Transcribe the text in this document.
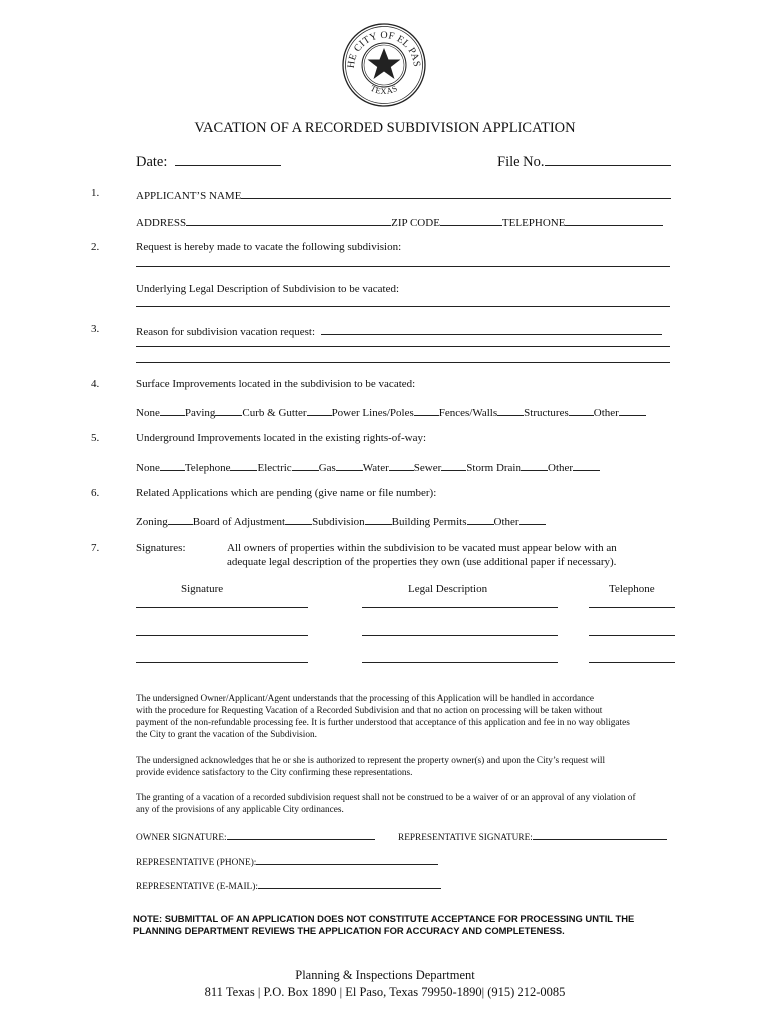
HE CITY OF EL PAS
TEXAS
VACATION OF A RECORDED SUBDIVISION APPLICATION
Date:	File No.
1.
2.
3.
4.
5.
6.
7.
APPLICANT’S NAME
ADDRESS	ZIP CODE	TELEPHONE
Request is hereby made to vacate the following subdivision:
Underlying Legal Description of Subdivision to be vacated:
Reason for subdivision vacation request:
Surface Improvements located in the subdivision to be vacated:
None Paving Curb & Gutter Power Lines/Poles Fences/Walls Structures Other
Underground Improvements located in the existing rights-of-way:
None Telephone Electric Gas Water Sewer Storm Drain Other
Related Applications which are pending (give name or file number):
Zoning Board of Adjustment Subdivision Building Permits Other
Signatures:	All owners of properties within the subdivision to be vacated must appear below with an
adequate legal description of the properties they own (use additional paper if necessary).
Signature	Legal Description	Telephone
The undersigned Owner/Applicant/Agent understands that the processing of this Application will be handled in accordance
with the procedure for Requesting Vacation of a Recorded Subdivision and that no action on processing will be taken without
payment of the non-refundable processing fee. It is further understood that acceptance of this application and fee in no way obligates
the City to grant the vacation of the Subdivision.
The undersigned acknowledges that he or she is authorized to represent the property owner(s) and upon the City’s request will
provide evidence satisfactory to the City confirming these representations.
The granting of a vacation of a recorded subdivision request shall not be construed to be a waiver of or an approval of any violation of
any of the provisions of any applicable City ordinances.
OWNER SIGNATURE:	REPRESENTATIVE SIGNATURE:
REPRESENTATIVE (PHONE):
REPRESENTATIVE (E-MAIL):
NOTE: SUBMITTAL OF AN APPLICATION DOES NOT CONSTITUTE ACCEPTANCE FOR PROCESSING UNTIL THE
PLANNING DEPARTMENT REVIEWS THE APPLICATION FOR ACCURACY AND COMPLETENESS.
Planning & Inspections Department
811 Texas | P.O. Box 1890 | El Paso, Texas 79950-1890| (915) 212-0085
